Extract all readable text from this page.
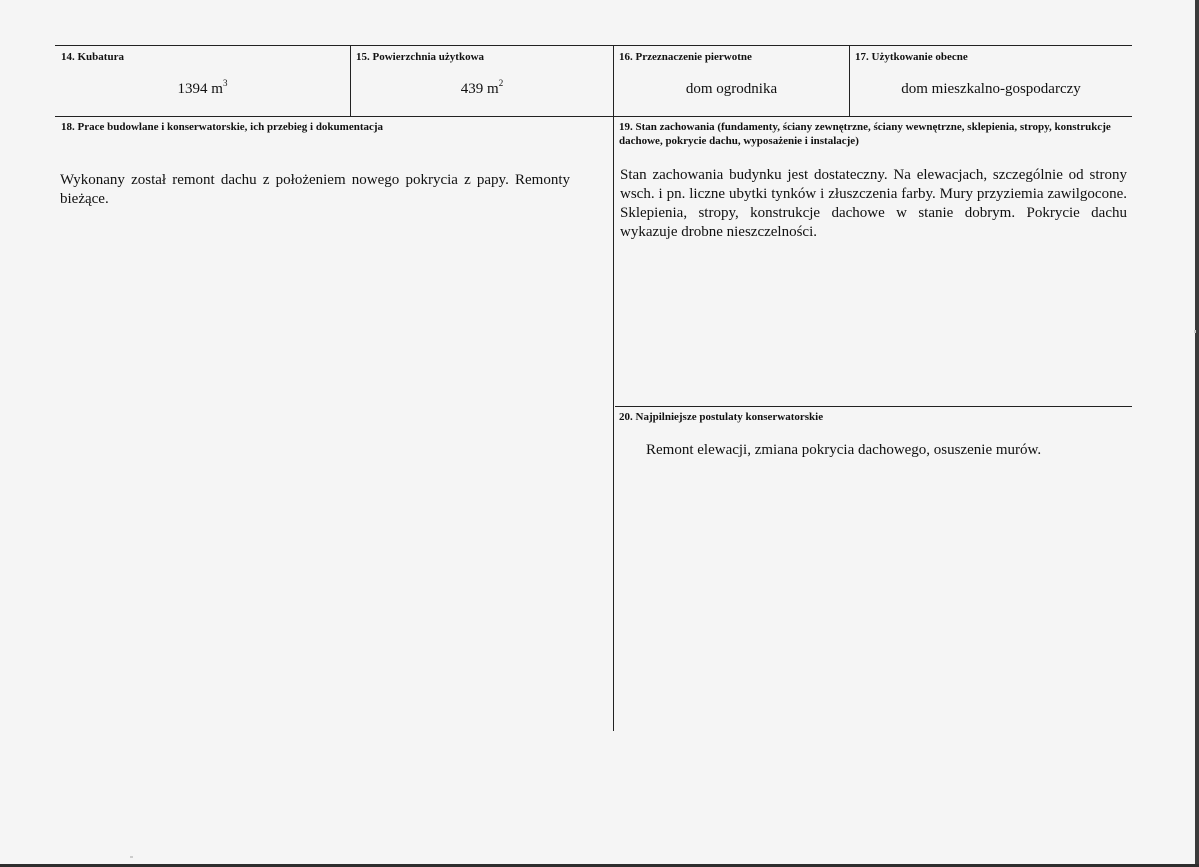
14. Kubatura
1394 $m^3$
15. Powierzchnia użytkowa
439 $m^2$
16. Przeznaczenie pierwotne
dom ogrodnika
17. Użytkowanie obecne
dom mieszkalno-gospodarczy
18. Prace budowlane i konserwatorskie, ich przebieg i dokumentacja
Wykonany został remont dachu z położeniem nowego pokrycia z papy. Remonty bieżące.
19. Stan zachowania (fundamenty, ściany zewnętrzne, ściany wewnętrzne, sklepienia, stropy, konstrukcje dachowe, pokrycie dachu, wyposażenie i instalacje)
Stan zachowania budynku jest dostateczny. Na elewacjach, szczególnie od strony wsch. i pn. liczne ubytki tynków i złuszczenia farby. Mury przyziemia zawilgocone. Sklepienia, stropy, konstrukcje dachowe w stanie dobrym. Pokrycie dachu wykazuje drobne nieszczelności.
20. Najpilniejsze postulaty konserwatorskie
Remont elewacji, zmiana pokrycia dachowego, osuszenie murów.
